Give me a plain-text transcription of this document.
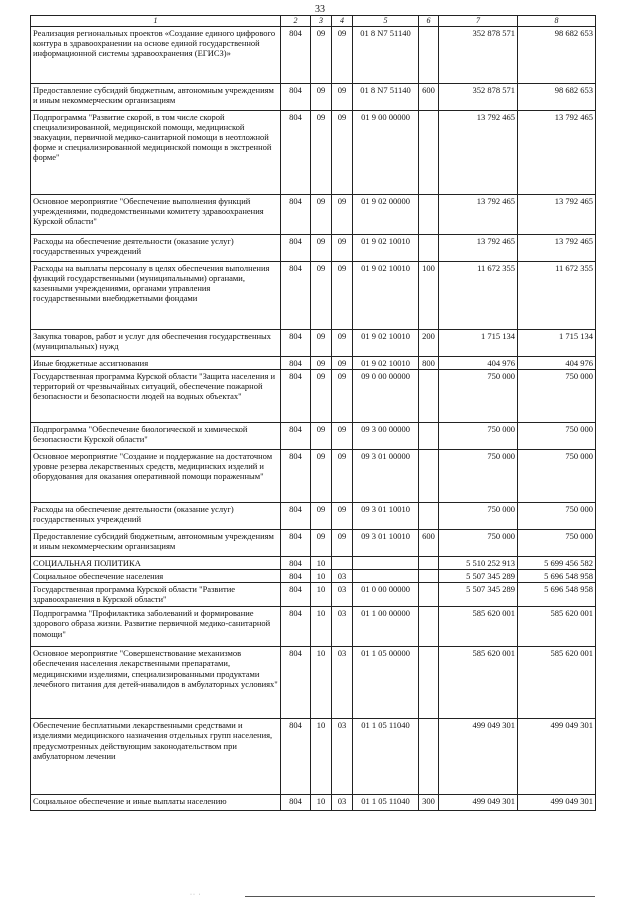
33
1	2	3	4	5	6	7	8
Реализация региональных проектов «Создание единого цифрового контура в здравоохранении на основе единой государственной информационной системы здравоохранения (ЕГИСЗ)»	804	09	09	01 8 N7 51140		352 878 571	98 682 653
Предоставление субсидий бюджетным, автономным учреждениям и иным некоммерческим организациям	804	09	09	01 8 N7 51140	600	352 878 571	98 682 653
Подпрограмма "Развитие скорой, в том числе скорой специализированной, медицинской помощи, медицинской эвакуации, первичной медико-санитарной помощи в неотложной форме и специализированной медицинской помощи в экстренной форме"	804	09	09	01 9 00 00000		13 792 465	13 792 465
Основное мероприятие "Обеспечение выполнения функций учреждениями, подведомственными комитету здравоохранения Курской области"	804	09	09	01 9 02 00000		13 792 465	13 792 465
Расходы на обеспечение деятельности (оказание услуг) государственных учреждений	804	09	09	01 9 02 10010		13 792 465	13 792 465
Расходы на выплаты персоналу в целях обеспечения выполнения функций государственными (муниципальными) органами, казенными учреждениями, органами управления государственными внебюджетными фондами	804	09	09	01 9 02 10010	100	11 672 355	11 672 355
Закупка товаров, работ и услуг для обеспечения государственных (муниципальных) нужд	804	09	09	01 9 02 10010	200	1 715 134	1 715 134
Иные бюджетные ассигнования	804	09	09	01 9 02 10010	800	404 976	404 976
Государственная программа Курской области "Защита населения и территорий от чрезвычайных ситуаций, обеспечение пожарной безопасности и безопасности людей на водных объектах"	804	09	09	09 0 00 00000		750 000	750 000
Подпрограмма "Обеспечение биологической и химической безопасности Курской области"	804	09	09	09 3 00 00000		750 000	750 000
Основное мероприятие "Создание и поддержание на достаточном уровне резерва лекарственных средств, медицинских изделий и оборудования для оказания оперативной помощи пораженным"	804	09	09	09 3 01 00000		750 000	750 000
Расходы на обеспечение деятельности (оказание услуг) государственных учреждений	804	09	09	09 3 01 10010		750 000	750 000
Предоставление субсидий бюджетным, автономным учреждениям и иным некоммерческим организациям	804	09	09	09 3 01 10010	600	750 000	750 000
СОЦИАЛЬНАЯ ПОЛИТИКА	804	10				5 510 252 913	5 699 456 582
Социальное обеспечение населения	804	10	03			5 507 345 289	5 696 548 958
Государственная программа Курской области "Развитие здравоохранения в Курской области"	804	10	03	01 0 00 00000		5 507 345 289	5 696 548 958
Подпрограмма "Профилактика заболеваний и формирование здорового образа жизни. Развитие первичной медико-санитарной помощи"	804	10	03	01 1 00 00000		585 620 001	585 620 001
Основное мероприятие "Совершенствование механизмов обеспечения населения лекарственными препаратами, медицинскими изделиями, специализированными продуктами лечебного питания для детей-инвалидов в амбулаторных условиях"	804	10	03	01 1 05 00000		585 620 001	585 620 001
Обеспечение бесплатными лекарственными средствами и изделиями медицинского назначения отдельных групп населения, предусмотренных действующим законодательством при амбулаторном лечении	804	10	03	01 1 05 11040		499 049 301	499 049 301
Социальное обеспечение и иные выплаты населению	804	10	03	01 1 05 11040	300	499 049 301	499 049 301
·· ·
